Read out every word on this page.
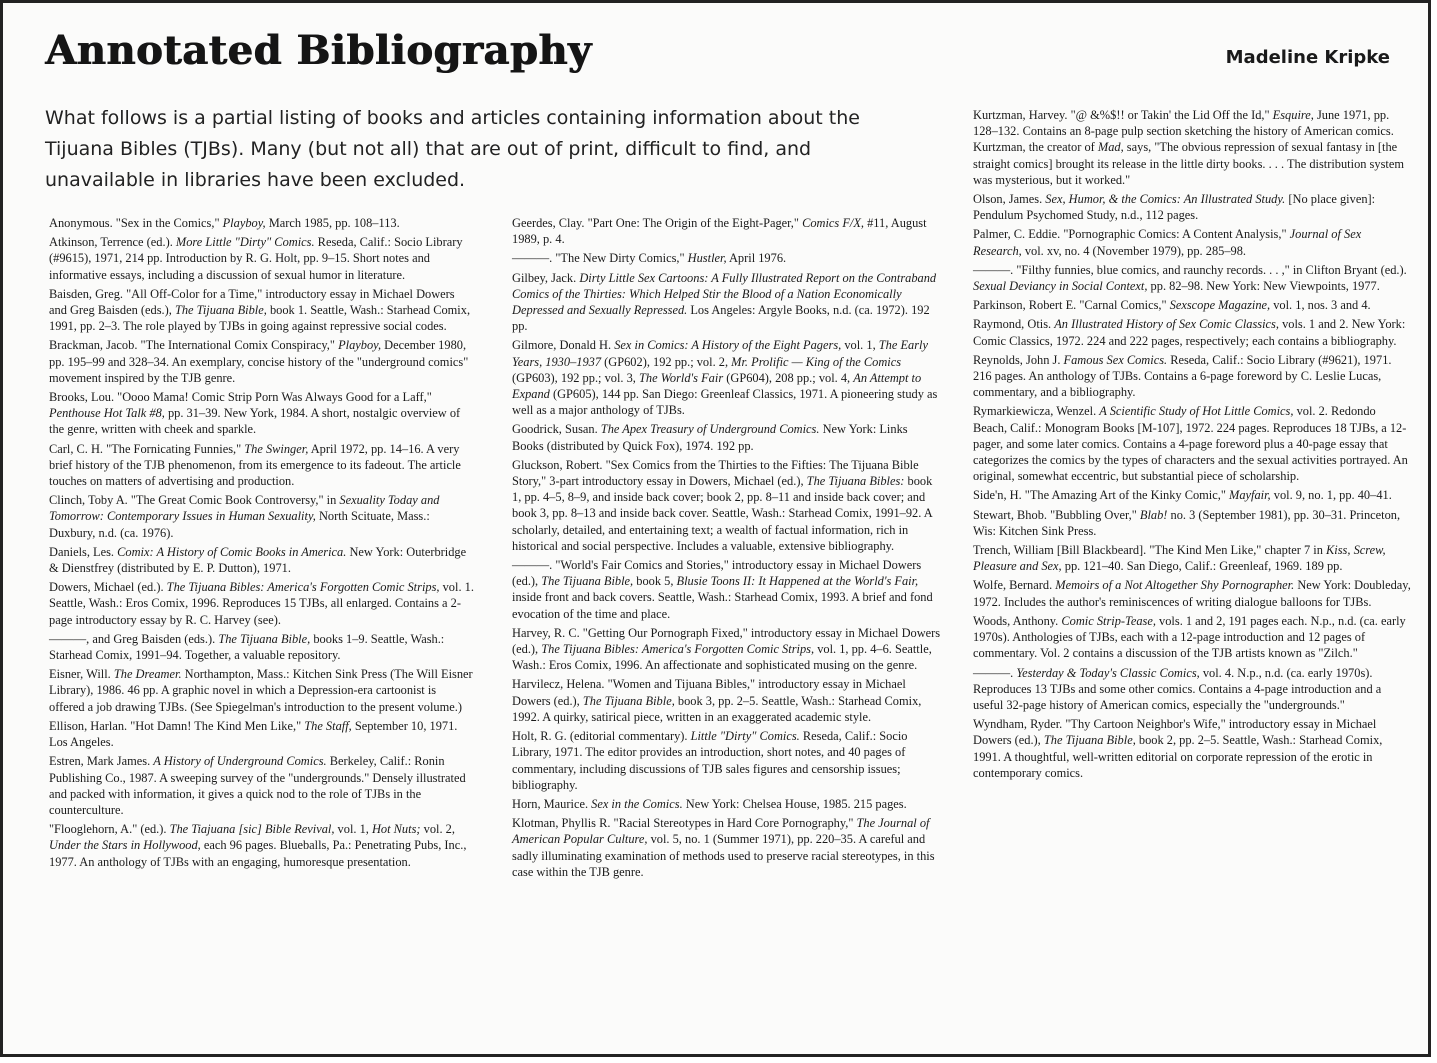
Annotated Bibliography	Madeline Kripke
What follows is a partial listing of books and articles containing information about the Tijuana Bibles (TJBs). Many (but not all) that are out of print, difficult to find, and unavailable in libraries have been excluded.

Anonymous. "Sex in the Comics," Playboy, March 1985, pp. 108–113.

Atkinson, Terrence (ed.). More Little "Dirty" Comics. Reseda, Calif.: Socio Library (#9615), 1971, 214 pp. Introduction by R. G. Holt, pp. 9–15. Short notes and informative essays, including a discussion of sexual humor in literature.

Baisden, Greg. "All Off-Color for a Time," introductory essay in Michael Dowers and Greg Baisden (eds.), The Tijuana Bible, book 1. Seattle, Wash.: Starhead Comix, 1991, pp. 2–3. The role played by TJBs in going against repressive social codes.

Brackman, Jacob. "The International Comix Conspiracy," Playboy, December 1980, pp. 195–99 and 328–34. An exemplary, concise history of the "underground comics" movement inspired by the TJB genre.

Brooks, Lou. "Oooo Mama! Comic Strip Porn Was Always Good for a Laff," Penthouse Hot Talk #8, pp. 31–39. New York, 1984. A short, nostalgic overview of the genre, written with cheek and sparkle.

Carl, C. H. "The Fornicating Funnies," The Swinger, April 1972, pp. 14–16. A very brief history of the TJB phenomenon, from its emergence to its fadeout. The article touches on matters of advertising and production.

Clinch, Toby A. "The Great Comic Book Controversy," in Sexuality Today and Tomorrow: Contemporary Issues in Human Sexuality, North Scituate, Mass.: Duxbury, n.d. (ca. 1976).

Daniels, Les. Comix: A History of Comic Books in America. New York: Outerbridge & Dienstfrey (distributed by E. P. Dutton), 1971.

Dowers, Michael (ed.). The Tijuana Bibles: America's Forgotten Comic Strips, vol. 1. Seattle, Wash.: Eros Comix, 1996. Reproduces 15 TJBs, all enlarged. Contains a 2-page introductory essay by R. C. Harvey (see).

———, and Greg Baisden (eds.). The Tijuana Bible, books 1–9. Seattle, Wash.: Starhead Comix, 1991–94. Together, a valuable repository.

Eisner, Will. The Dreamer. Northampton, Mass.: Kitchen Sink Press (The Will Eisner Library), 1986. 46 pp. A graphic novel in which a Depression-era cartoonist is offered a job drawing TJBs. (See Spiegelman's introduction to the present volume.)

Ellison, Harlan. "Hot Damn! The Kind Men Like," The Staff, September 10, 1971. Los Angeles.

Estren, Mark James. A History of Underground Comics. Berkeley, Calif.: Ronin Publishing Co., 1987. A sweeping survey of the "undergrounds." Densely illustrated and packed with information, it gives a quick nod to the role of TJBs in the counterculture.

"Flooglehorn, A." (ed.). The Tiajuana [sic] Bible Revival, vol. 1, Hot Nuts; vol. 2, Under the Stars in Hollywood, each 96 pages. Blueballs, Pa.: Penetrating Pubs, Inc., 1977. An anthology of TJBs with an engaging, humoresque presentation.

Geerdes, Clay. "Part One: The Origin of the Eight-Pager," Comics F/X, #11, August 1989, p. 4.

———. "The New Dirty Comics," Hustler, April 1976.

Gilbey, Jack. Dirty Little Sex Cartoons: A Fully Illustrated Report on the Contraband Comics of the Thirties: Which Helped Stir the Blood of a Nation Economically Depressed and Sexually Repressed. Los Angeles: Argyle Books, n.d. (ca. 1972). 192 pp.

Gilmore, Donald H. Sex in Comics: A History of the Eight Pagers, vol. 1, The Early Years, 1930–1937 (GP602), 192 pp.; vol. 2, Mr. Prolific — King of the Comics (GP603), 192 pp.; vol. 3, The World's Fair (GP604), 208 pp.; vol. 4, An Attempt to Expand (GP605), 144 pp. San Diego: Greenleaf Classics, 1971. A pioneering study as well as a major anthology of TJBs.

Goodrick, Susan. The Apex Treasury of Underground Comics. New York: Links Books (distributed by Quick Fox), 1974. 192 pp.

Gluckson, Robert. "Sex Comics from the Thirties to the Fifties: The Tijuana Bible Story," 3-part introductory essay in Dowers, Michael (ed.), The Tijuana Bibles: book 1, pp. 4–5, 8–9, and inside back cover; book 2, pp. 8–11 and inside back cover; and book 3, pp. 8–13 and inside back cover. Seattle, Wash.: Starhead Comix, 1991–92. A scholarly, detailed, and entertaining text; a wealth of factual information, rich in historical and social perspective. Includes a valuable, extensive bibliography.

———. "World's Fair Comics and Stories," introductory essay in Michael Dowers (ed.), The Tijuana Bible, book 5, Blusie Toons II: It Happened at the World's Fair, inside front and back covers. Seattle, Wash.: Starhead Comix, 1993. A brief and fond evocation of the time and place.

Harvey, R. C. "Getting Our Pornograph Fixed," introductory essay in Michael Dowers (ed.), The Tijuana Bibles: America's Forgotten Comic Strips, vol. 1, pp. 4–6. Seattle, Wash.: Eros Comix, 1996. An affectionate and sophisticated musing on the genre.

Harvilecz, Helena. "Women and Tijuana Bibles," introductory essay in Michael Dowers (ed.), The Tijuana Bible, book 3, pp. 2–5. Seattle, Wash.: Starhead Comix, 1992. A quirky, satirical piece, written in an exaggerated academic style.

Holt, R. G. (editorial commentary). Little "Dirty" Comics. Reseda, Calif.: Socio Library, 1971. The editor provides an introduction, short notes, and 40 pages of commentary, including discussions of TJB sales figures and censorship issues; bibliography.

Horn, Maurice. Sex in the Comics. New York: Chelsea House, 1985. 215 pages.

Klotman, Phyllis R. "Racial Stereotypes in Hard Core Pornography," The Journal of American Popular Culture, vol. 5, no. 1 (Summer 1971), pp. 220–35. A careful and sadly illuminating examination of methods used to preserve racial stereotypes, in this case within the TJB genre.

Kurtzman, Harvey. "@ &%$!! or Takin' the Lid Off the Id," Esquire, June 1971, pp. 128–132. Contains an 8-page pulp section sketching the history of American comics. Kurtzman, the creator of Mad, says, "The obvious repression of sexual fantasy in [the straight comics] brought its release in the little dirty books. . . . The distribution system was mysterious, but it worked."

Olson, James. Sex, Humor, & the Comics: An Illustrated Study. [No place given]: Pendulum Psychomed Study, n.d., 112 pages.

Palmer, C. Eddie. "Pornographic Comics: A Content Analysis," Journal of Sex Research, vol. xv, no. 4 (November 1979), pp. 285–98.

———. "Filthy funnies, blue comics, and raunchy records. . . ," in Clifton Bryant (ed.). Sexual Deviancy in Social Context, pp. 82–98. New York: New Viewpoints, 1977.

Parkinson, Robert E. "Carnal Comics," Sexscope Magazine, vol. 1, nos. 3 and 4.

Raymond, Otis. An Illustrated History of Sex Comic Classics, vols. 1 and 2. New York: Comic Classics, 1972. 224 and 222 pages, respectively; each contains a bibliography.

Reynolds, John J. Famous Sex Comics. Reseda, Calif.: Socio Library (#9621), 1971. 216 pages. An anthology of TJBs. Contains a 6-page foreword by C. Leslie Lucas, commentary, and a bibliography.

Rymarkiewicza, Wenzel. A Scientific Study of Hot Little Comics, vol. 2. Redondo Beach, Calif.: Monogram Books [M-107], 1972. 224 pages. Reproduces 18 TJBs, a 12-pager, and some later comics. Contains a 4-page foreword plus a 40-page essay that categorizes the comics by the types of characters and the sexual activities portrayed. An original, somewhat eccentric, but substantial piece of scholarship.

Side'n, H. "The Amazing Art of the Kinky Comic," Mayfair, vol. 9, no. 1, pp. 40–41.

Stewart, Bhob. "Bubbling Over," Blab! no. 3 (September 1981), pp. 30–31. Princeton, Wis: Kitchen Sink Press.

Trench, William [Bill Blackbeard]. "The Kind Men Like," chapter 7 in Kiss, Screw, Pleasure and Sex, pp. 121–40. San Diego, Calif.: Greenleaf, 1969. 189 pp.

Wolfe, Bernard. Memoirs of a Not Altogether Shy Pornographer. New York: Doubleday, 1972. Includes the author's reminiscences of writing dialogue balloons for TJBs.

Woods, Anthony. Comic Strip-Tease, vols. 1 and 2, 191 pages each. N.p., n.d. (ca. early 1970s). Anthologies of TJBs, each with a 12-page introduction and 12 pages of commentary. Vol. 2 contains a discussion of the TJB artists known as "Zilch."

———. Yesterday & Today's Classic Comics, vol. 4. N.p., n.d. (ca. early 1970s). Reproduces 13 TJBs and some other comics. Contains a 4-page introduction and a useful 32-page history of American comics, especially the "undergrounds."

Wyndham, Ryder. "Thy Cartoon Neighbor's Wife," introductory essay in Michael Dowers (ed.), The Tijuana Bible, book 2, pp. 2–5. Seattle, Wash.: Starhead Comix, 1991. A thoughtful, well-written editorial on corporate repression of the erotic in contemporary comics.
